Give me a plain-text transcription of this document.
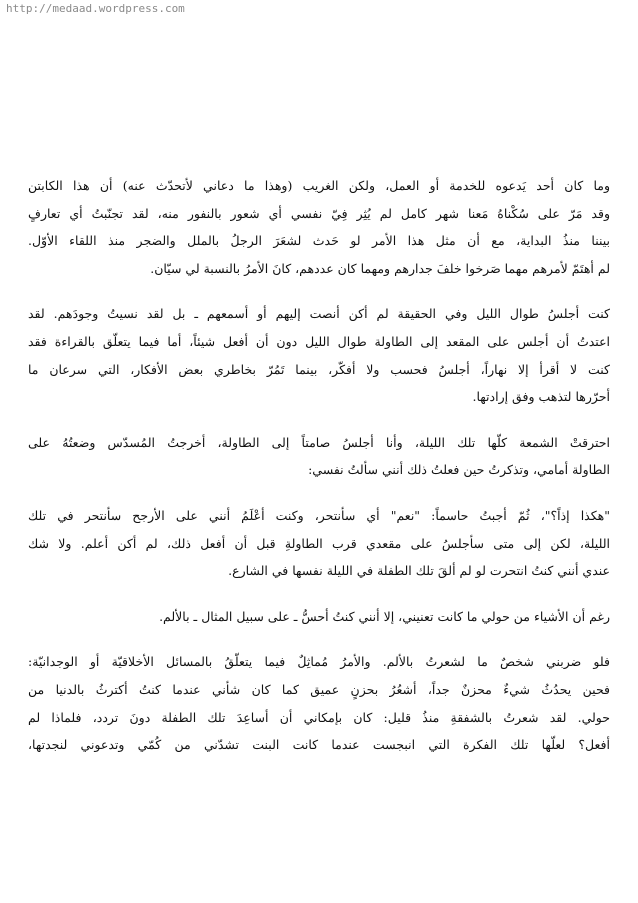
http://medaad.wordpress.com

وما كان أحد يَدعوه للخدمة أو العمل، ولكن الغريب (وهذا ما دعاني لأتحدّث عنه) أن هذا الكابتن
وقد مَرّ على سُكْناهُ مَعنا شهر كامل لم يُثِر فِيّ نفسي أي شعور بالنفور منه، لقد تجنّبتُ أي تعارفٍ
بيننا منذُ البداية، مع أن مثل هذا الأمر لو حَدث لشعَرَ الرجلُ بالملل والضجر منذ اللقاء الأوّل.
لم أهتَمّ لأمرهم مهما صَرخوا خلفَ جدارهم ومهما كان عددهم، كانَ الأمرُ بالنسبة لي سيّان.

كنت أجلسُ طوال الليل وفي الحقيقة لم أكن أنصت إليهم أو أسمعهم ـ بل لقد نسيتُ وجودَهم. لقد
اعتدتُ أن أجلس على المقعد إلى الطاولة طوال الليل دون أن أفعل شيئاً، أما فيما يتعلّق بالقراءة فقد
كنت لا أقرأ إلا نهاراً، أجلسُ فحسب ولا أفكّر، بينما تَمُرّ بخاطري بعض الأفكار، التي سرعان ما
أحرّرها لتذهب وفق إرادتها.

احترقتْ الشمعة كلّها تلك الليلة، وأنا أجلسُ صامتاً إلى الطاولة، أخرجتُ المُسدّس وضعتُهُ على
الطاولة أمامي، وتذكرتُ حين فعلتُ ذلك أنني سألتُ نفسي:

"هكذا إذاً؟"، ثُمّ أجبتُ حاسماً: "نعم" أي سأنتحر، وكنت أعْلَمُ أنني على الأرجح سأنتحر في تلك
الليلة، لكن إلى متى سأجلسُ على مقعدي قرب الطاولةِ قبل أن أفعل ذلك، لم أكن أعلم. ولا شك
عندي أنني كنتُ انتحرت لو لم ألقَ تلك الطفلة في الليلة نفسها في الشارع.

رغم أن الأشياء من حولي ما كانت تعنيني، إلا أنني كنتُ أحسُّ ـ على سبيل المثال ـ بالألم.

فلو ضربني شخصٌ ما لشعرتُ بالألم. والأمرُ مُماثِلٌ فيما يتعلّقُ بالمسائل الأخلاقيّة أو الوجدانيّة:
فحين يحدُثُ شيءٌ محزنٌ جداً، أشعُرُ بحزنٍ عميق كما كان شأني عندما كنتُ أكترثُ بالدنيا من
حولي. لقد شعرتُ بالشفقةِ منذُ قليل: كان بإمكاني أن أساعِدَ تلك الطفلة دونَ تردد، فلماذا لم
أفعل؟ لعلّها تلك الفكرة التي انبجست عندما كانت البنت تشدّني من كُمّي وتدعوني لنجدتها،
